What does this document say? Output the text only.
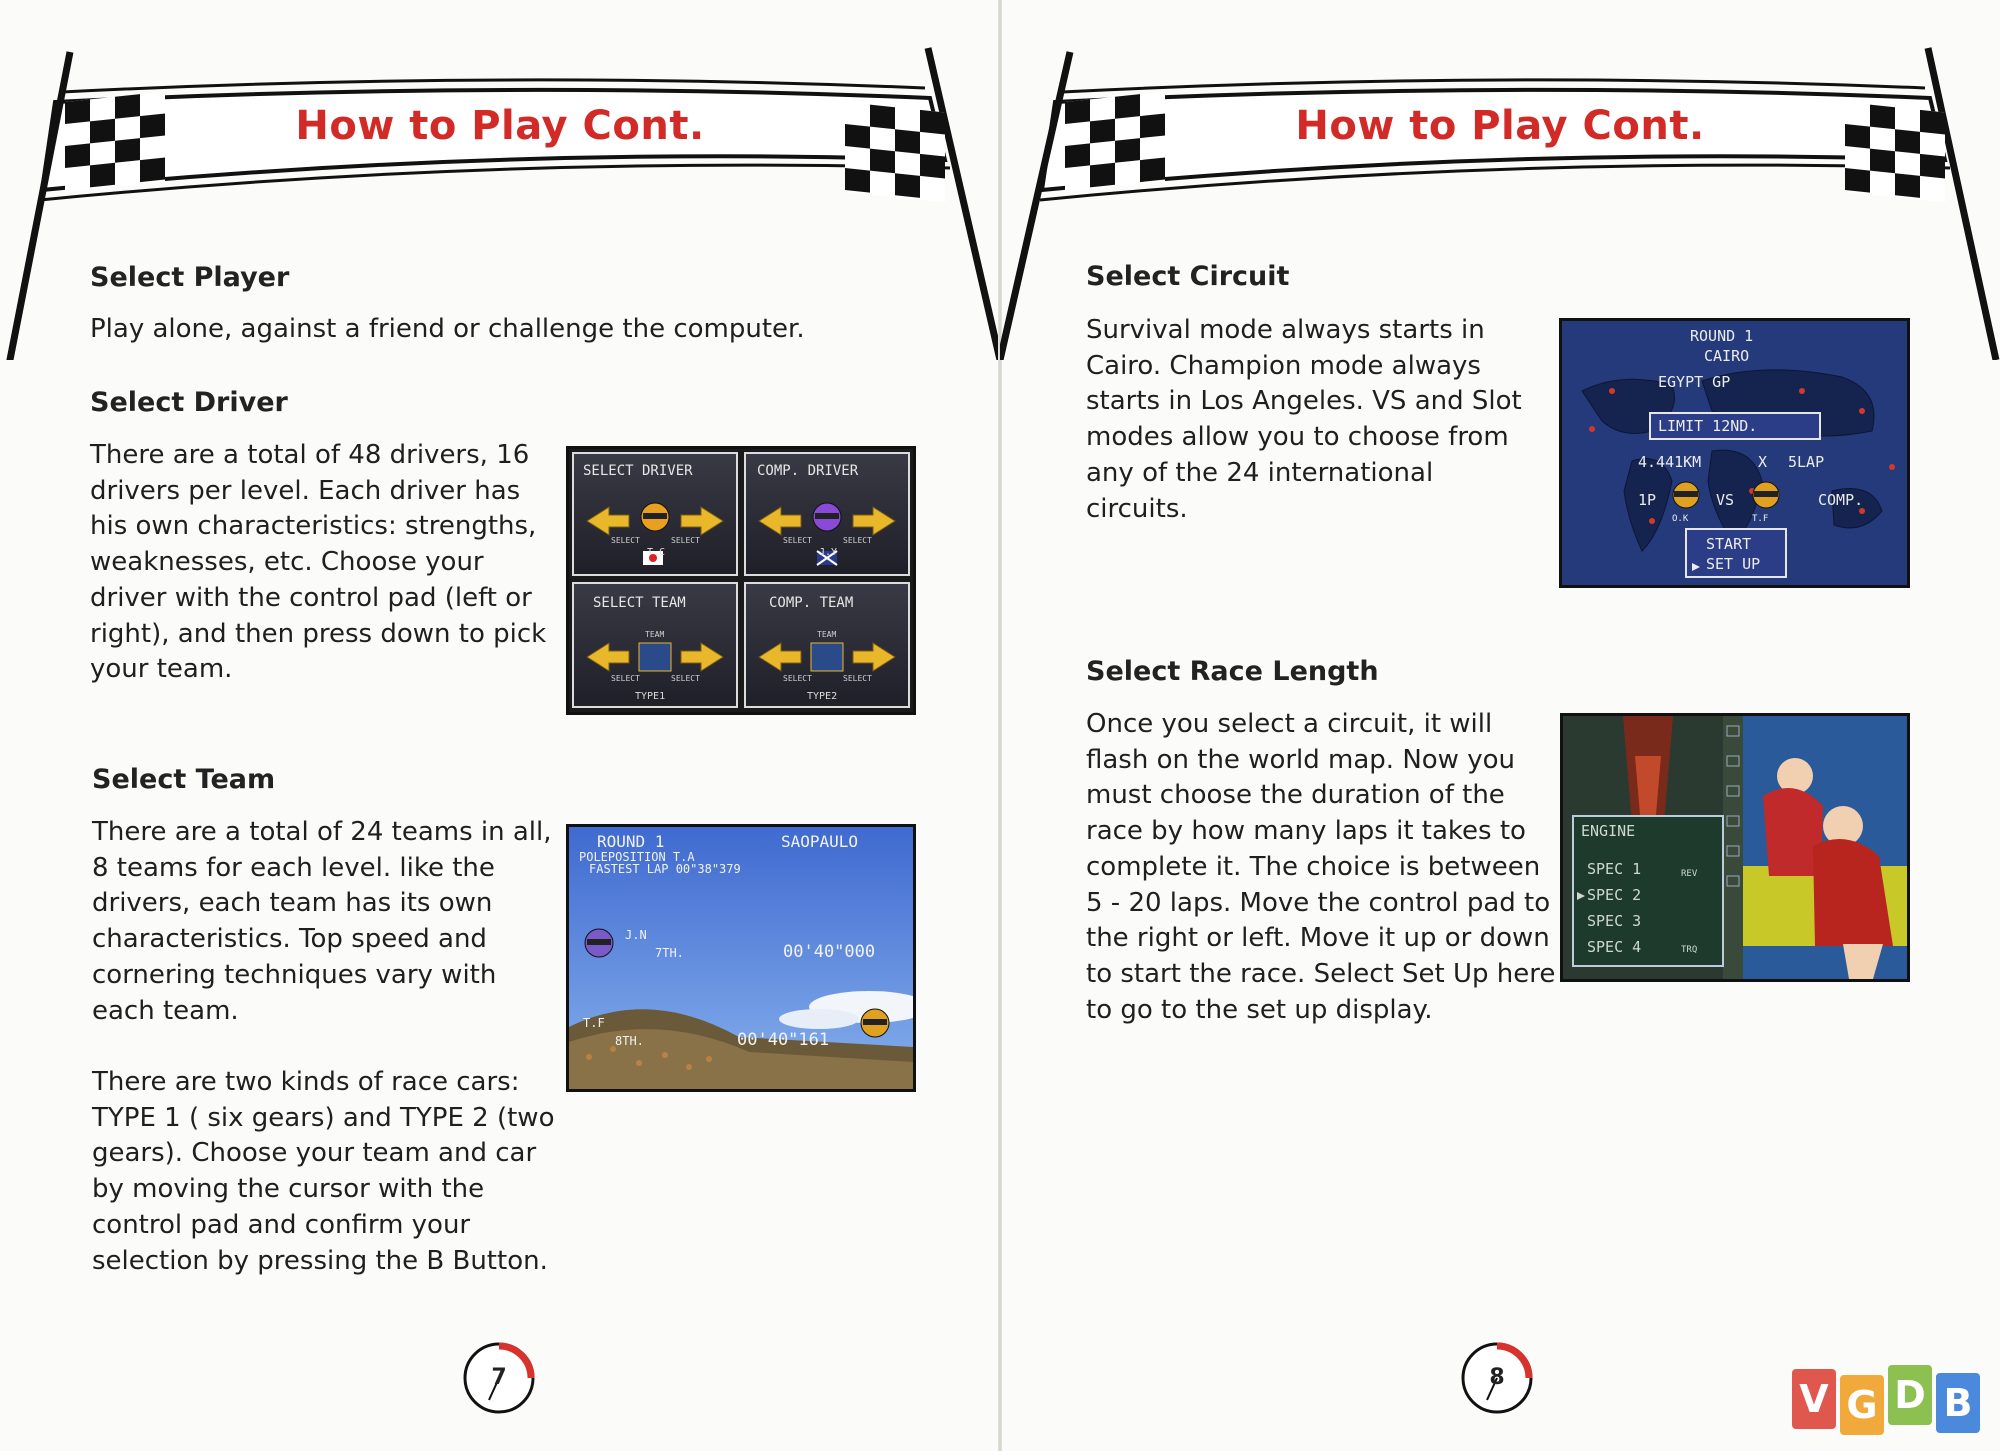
How to Play Cont.
Select Player

Play alone, against a friend or challenge the computer.

Select Driver

There are a total of 48 drivers, 16 drivers per level. Each driver has his own characteristics: strengths, weaknesses, etc. Choose your driver with the control pad (left or right), and then press down to pick your team.

SELECT DRIVER	COMP. DRIVER
SELECT TEAM	COMP. TEAM
SELECT	SELECT	SELECT	SELECT
SELECT	SELECT	SELECT	SELECT
TEAM	TEAM
T.C	J.Y
TYPE1	TYPE2
Select Team

There are a total of 24 teams in all, 8 teams for each level. like the drivers, each team has its own characteristics. Top speed and cornering techniques vary with each team.

There are two kinds of race cars: TYPE 1 ( six gears) and TYPE 2 (two gears). Choose your team and car by moving the cursor with the control pad and confirm your selection by pressing the B Button.

ROUND 1	SAOPAULO
POLEPOSITION T.A
FASTEST LAP 00"38"379
J.N
7TH.
T.F
8TH.
00'40"000
00'40"161
7
How to Play Cont.
Select Circuit

Survival mode always starts in Cairo. Champion mode always starts in Los Angeles. VS and Slot modes allow you to choose from any of the 24 international circuits.

ROUND 1
CAIRO
EGYPT GP
LIMIT 12ND.
4.441KM	X 5LAP
1P	VS	COMP.
START
SET UP
O.K	T.F
Select Race Length

Once you select a circuit, it will flash on the world map. Now you must choose the duration of the race by how many laps it takes to complete it. The choice is between 5 - 20 laps. Move the control pad to the right or left. Move it up or down to start the race. Select Set Up here to go to the set up display.

ENGINE
SPEC 1
SPEC 2
SPEC 3
SPEC 4
REV
TRQ
8	V G D B
